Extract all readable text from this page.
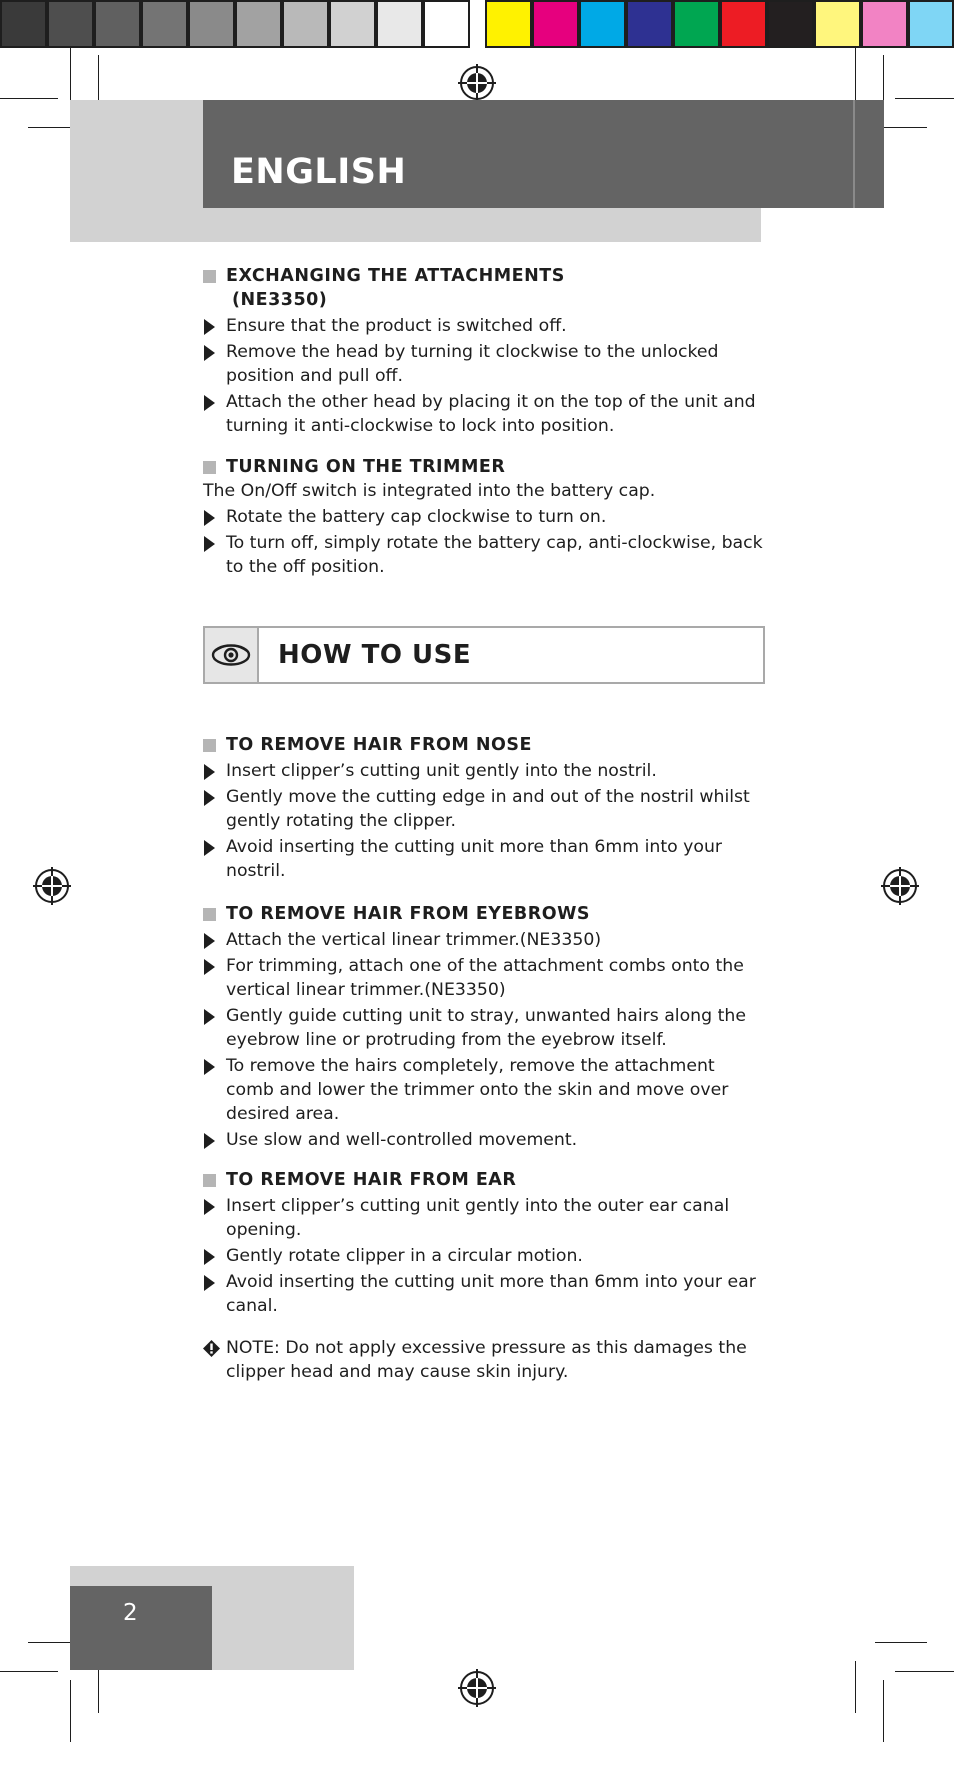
ENGLISH
EXCHANGING THE ATTACHMENTS
(NE3350)
Ensure that the product is switched off.
Remove the head by turning it clockwise to the unlocked position and pull off.
Attach the other head by placing it on the top of the unit and turning it anti-clockwise to lock into position.
TURNING ON THE TRIMMER
The On/Off switch is integrated into the battery cap.
Rotate the battery cap clockwise to turn on.
To turn off, simply rotate the battery cap, anti-clockwise, back to the off position.
TO REMOVE HAIR FROM NOSE
Insert clipper’s cutting unit gently into the nostril.
Gently move the cutting edge in and out of the nostril whilst gently rotating the clipper.
Avoid inserting the cutting unit more than 6mm into your nostril.
TO REMOVE HAIR FROM EYEBROWS
Attach the vertical linear trimmer.(NE3350)
For trimming, attach one of the attachment combs onto the vertical linear trimmer.(NE3350)
Gently guide cutting unit to stray, unwanted hairs along the eyebrow line or protruding from the eyebrow itself.
To remove the hairs completely, remove the attachment comb and lower the trimmer onto the skin and move over desired area.
Use slow and well-controlled movement.
TO REMOVE HAIR FROM EAR
Insert clipper’s cutting unit gently into the outer ear canal opening.
Gently rotate clipper in a circular motion.
Avoid inserting the cutting unit more than 6mm into your ear canal.
NOTE: Do not apply excessive pressure as this damages the clipper head and may cause skin injury.
HOW TO USE
2
